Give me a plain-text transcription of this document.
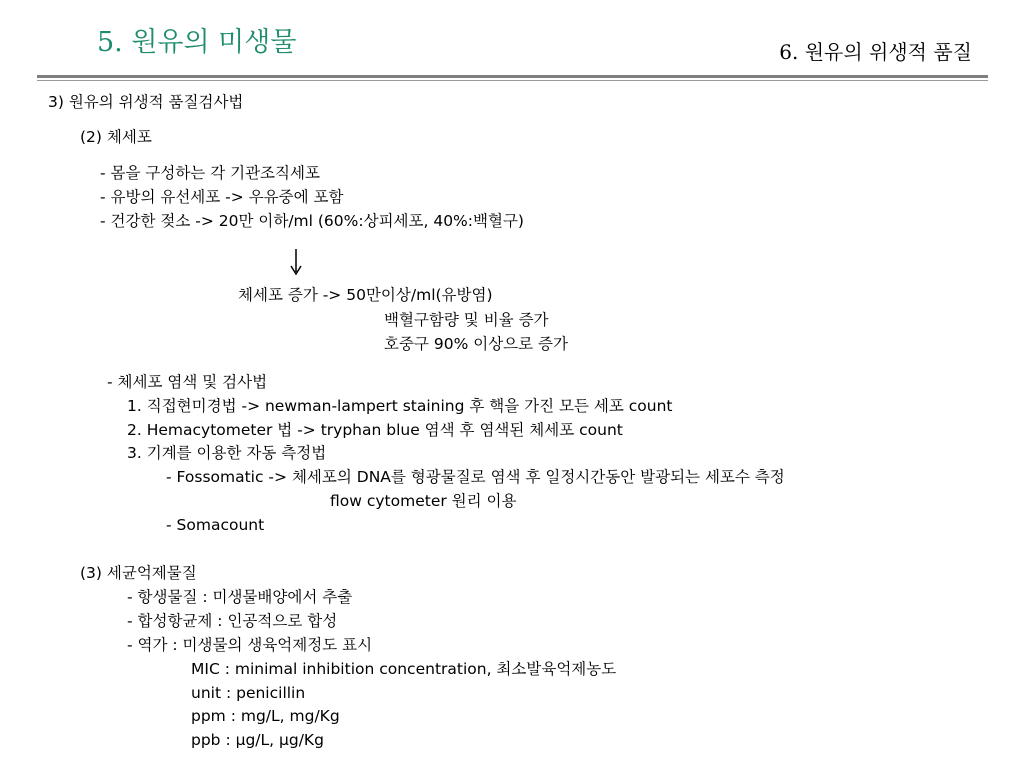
5. 원유의 미생물	6. 원유의 위생적 품질
3) 원유의 위생적 품질검사법
(2) 체세포
- 몸을 구성하는 각 기관조직세포
- 유방의 유선세포 -> 우유중에 포함
- 건강한 젖소 -> 20만 이하/ml (60%:상피세포, 40%:백혈구)
체세포 증가 -> 50만이상/ml(유방염)
백혈구함량 및 비율 증가
호중구 90% 이상으로 증가
- 체세포 염색 및 검사법
1. 직접현미경법 -> newman-lampert staining 후 핵을 가진 모든 세포 count
2. Hemacytometer 법 -> tryphan blue 염색 후 염색된 체세포 count
3. 기계를 이용한 자동 측정법
- Fossomatic -> 체세포의 DNA를 형광물질로 염색 후 일정시간동안 발광되는 세포수 측정
flow cytometer 원리 이용
- Somacount
(3) 세균억제물질
- 항생물질 : 미생물배양에서 추출
- 합성항균제 : 인공적으로 합성
- 역가 : 미생물의 생육억제정도 표시
MIC : minimal inhibition concentration, 최소발육억제농도
unit : penicillin
ppm : mg/L, mg/Kg
ppb : μg/L, μg/Kg
